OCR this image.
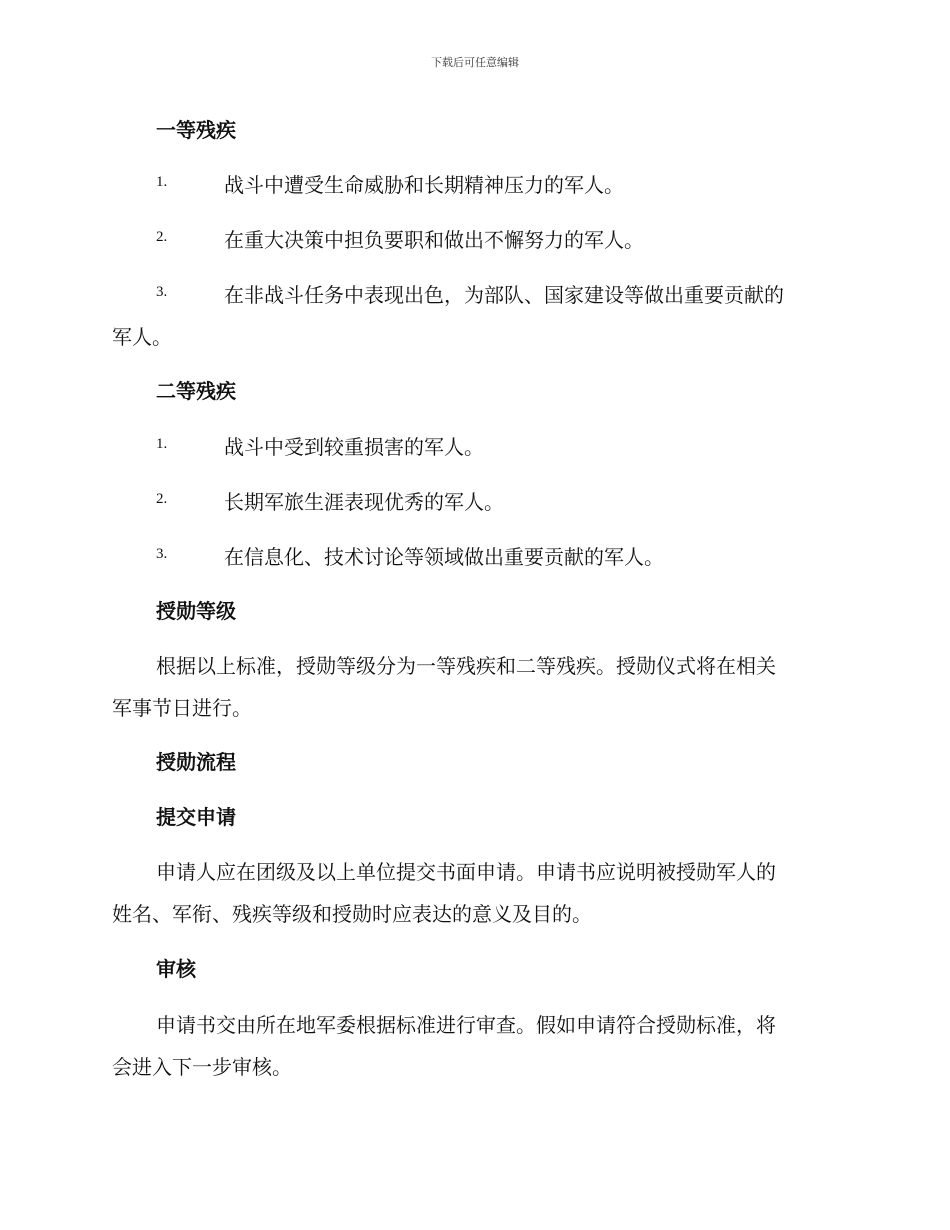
下载后可任意编辑
一等残疾
1.	战斗中遭受生命威胁和长期精神压力的军人。
2.	在重大决策中担负要职和做出不懈努力的军人。
3.	在非战斗任务中表现出色，为部队、国家建设等做出重要贡献的
军人。
二等残疾
1.	战斗中受到较重损害的军人。
2.	长期军旅生涯表现优秀的军人。
3.	在信息化、技术讨论等领域做出重要贡献的军人。
授勋等级
根据以上标准，授勋等级分为一等残疾和二等残疾。授勋仪式将在相关
军事节日进行。
授勋流程
提交申请
申请人应在团级及以上单位提交书面申请。申请书应说明被授勋军人的
姓名、军衔、残疾等级和授勋时应表达的意义及目的。
审核
申请书交由所在地军委根据标准进行审查。假如申请符合授勋标准，将
会进入下一步审核。
